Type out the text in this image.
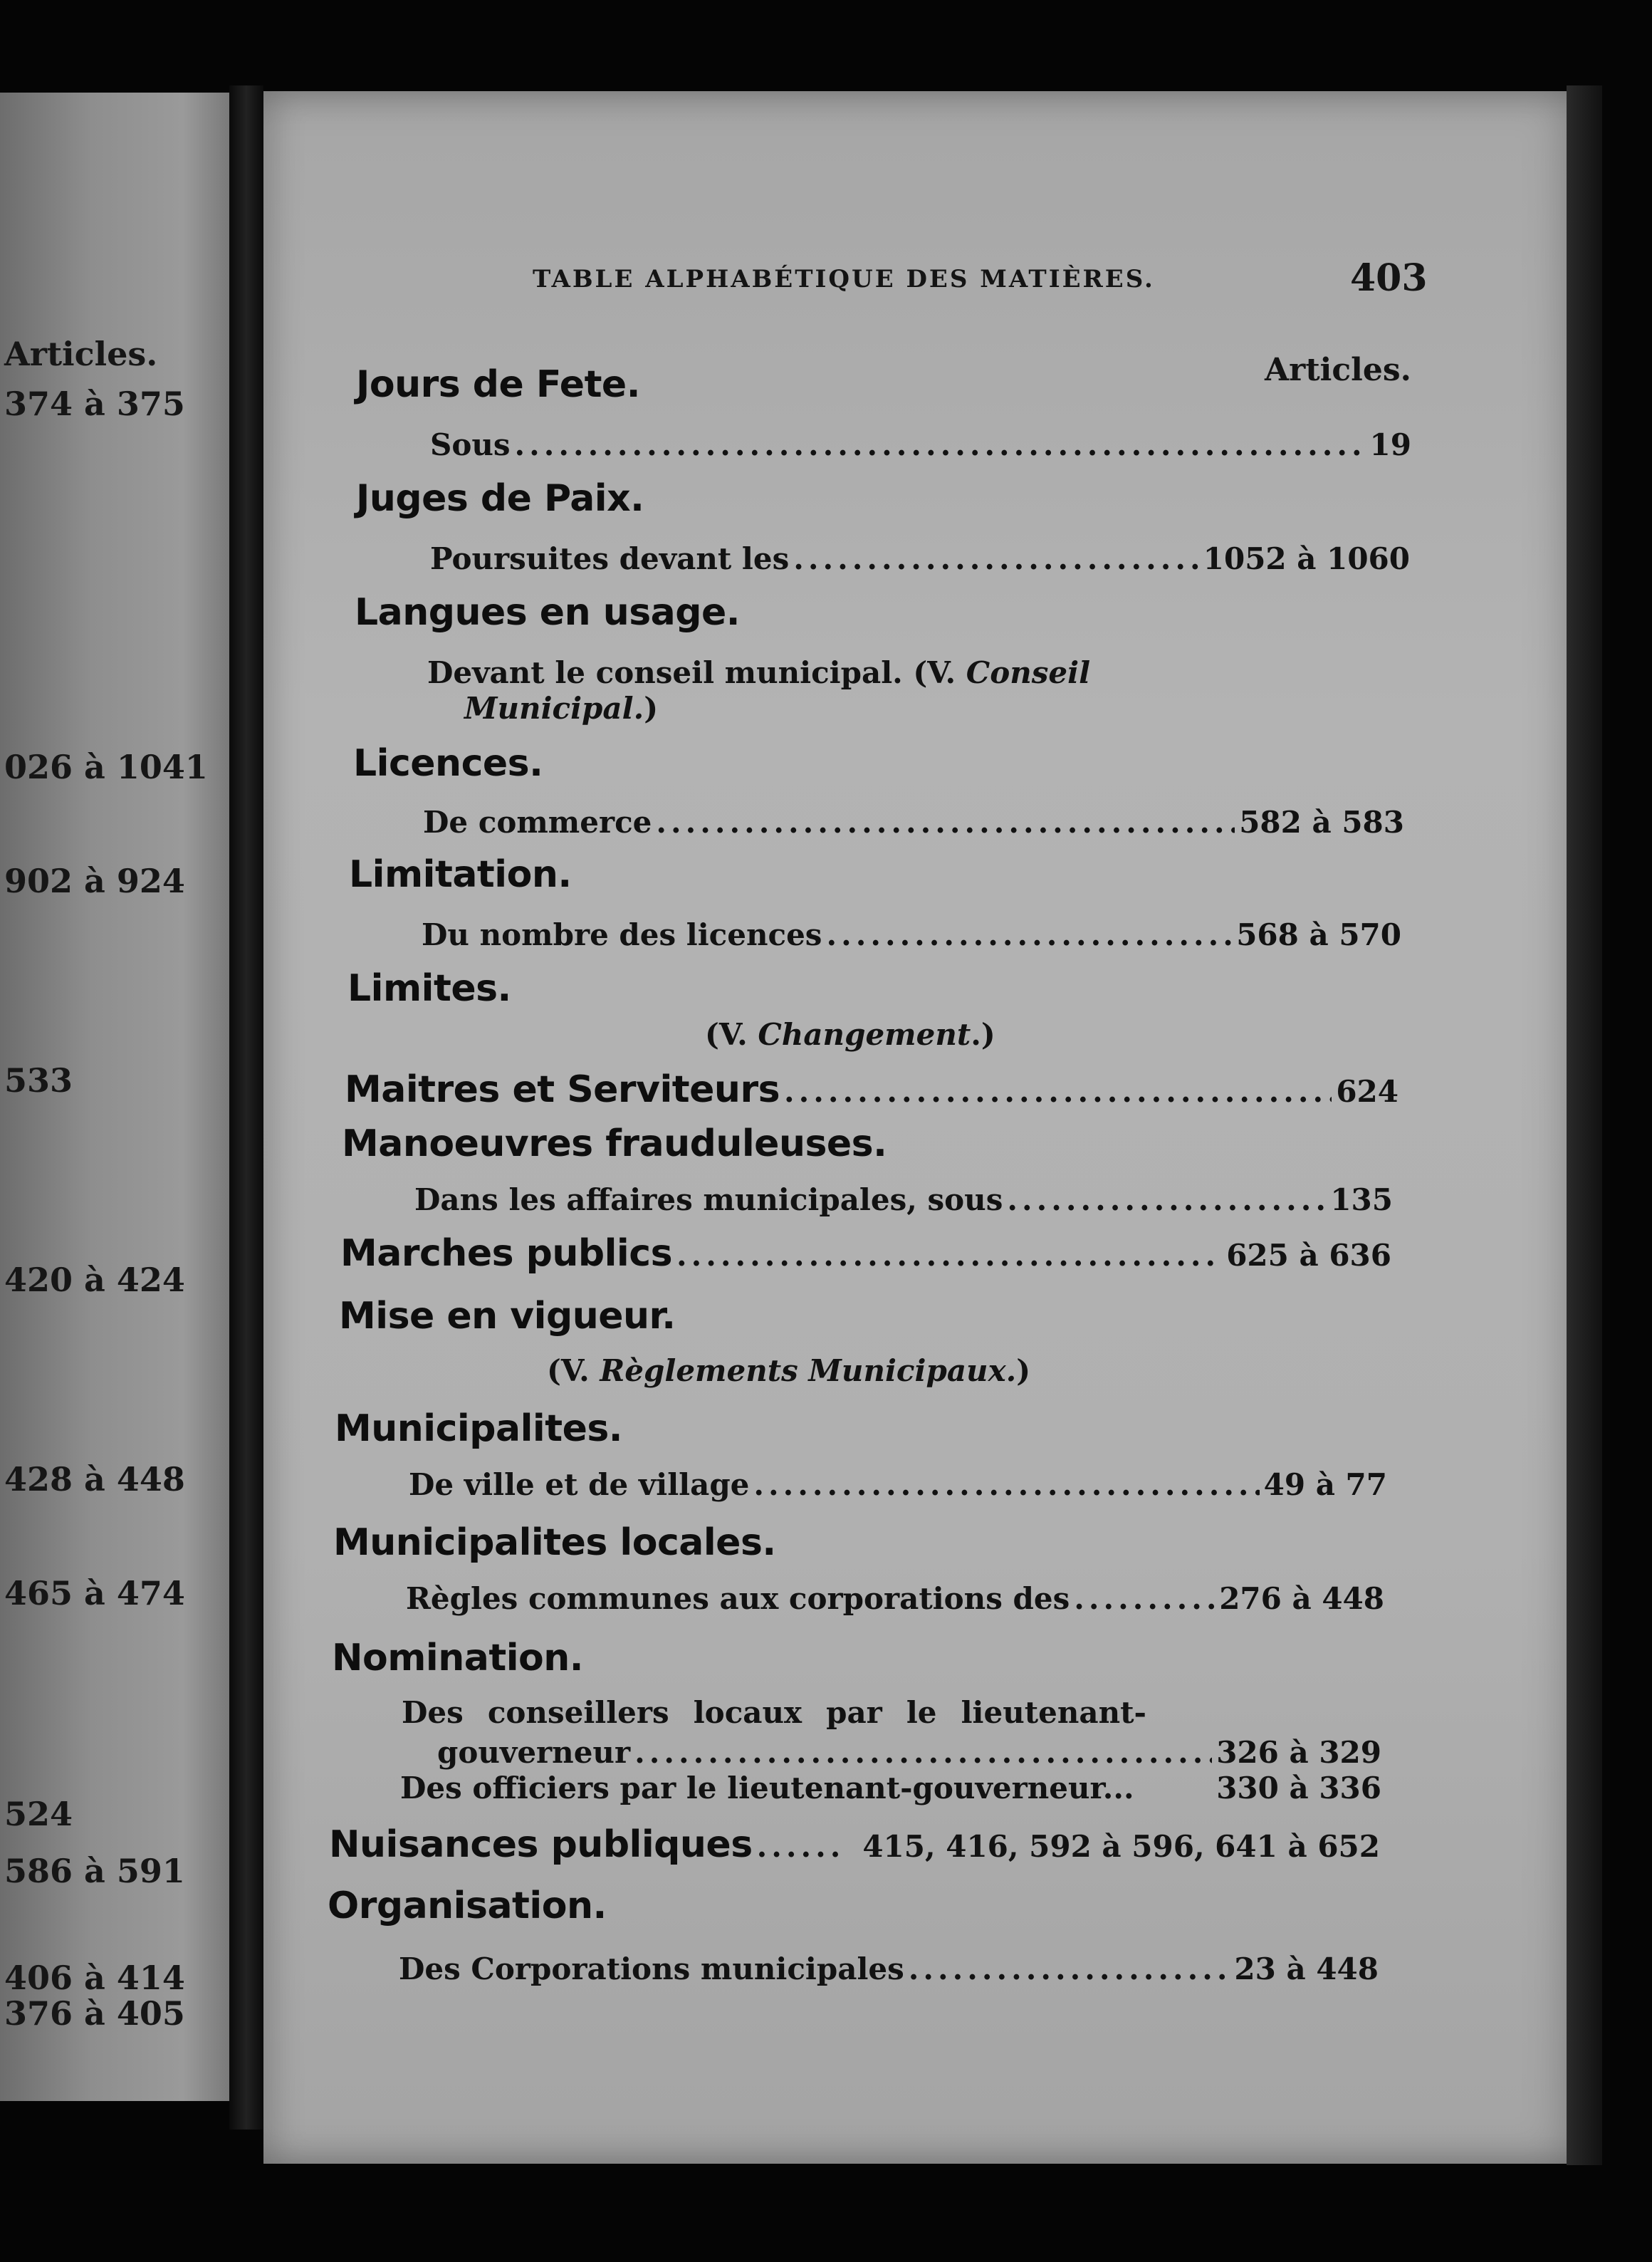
Articles.
374 à 375
026 à 1041
902 à 924
533
420 à 424
428 à 448
465 à 474
524
586 à 591
406 à 414
376 à 405
TABLE ALPHABÉTIQUE DES MATIÈRES.	403
Articles.
Jours de Fete.
Sous .....	19
Juges de Paix.
Poursuites devant les .....	1052 à 1060
Langues en usage.
Devant le conseil municipal. (V. Conseil
Municipal.)
Licences.
De commerce .....	582 à 583
Limitation.
Du nombre des licences .....	568 à 570
Limites.
(V. Changement.)
Maitres et Serviteurs .....	624
Manoeuvres frauduleuses.
Dans les affaires municipales, sous .....	135
Marches publics .....	625 à 636
Mise en vigueur.
(V. Règlements Municipaux.)
Municipalites.
De ville et de village .....	49 à 77
Municipalites locales.
Règles communes aux corporations des .....	276 à 448
Nomination.
Des conseillers locaux par le lieutenant-
gouverneur .....	326 à 329
Des officiers par le lieutenant-gouverneur...	330 à 336
Nuisances publiques .....	415, 416, 592 à 596, 641 à 652
Organisation.
Des Corporations municipales .....	23 à 448
